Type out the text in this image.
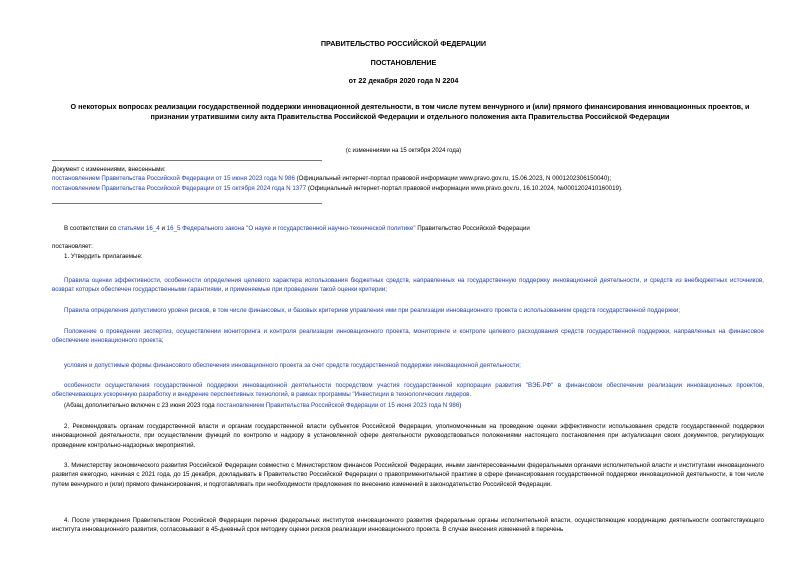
ПРАВИТЕЛЬСТВО РОССИЙСКОЙ ФЕДЕРАЦИИ
ПОСТАНОВЛЕНИЕ
от 22 декабря 2020 года N 2204
О некоторых вопросах реализации государственной поддержки инновационной деятельности, в том числе путем венчурного и (или) прямого финансирования инновационных проектов, и признании утратившими силу акта Правительства Российской Федерации и отдельного положения акта Правительства Российской Федерации
(с изменениями на 15 октября 2024 года)

Документ с изменениями, внесенными:

постановлением Правительства Российской Федерации от 15 июня 2023 года N 986 (Официальный интернет-портал правовой информации www.pravo.gov.ru, 15.06.2023, N 0001202306150040);

постановлением Правительства Российской Федерации от 15 октября 2024 года N 1377 (Официальный интернет-портал правовой информации www.pravo.gov.ru, 16.10.2024, №0001202410160019).

В соответствии со статьями 16_4 и 16_5 Федерального закона "О науке и государственной научно-технической политике" Правительство Российской Федерации
постановляет:
1. Утвердить прилагаемые:
Правила оценки эффективности, особенности определения целевого характера использования бюджетных средств, направленных на государственную поддержку инновационной деятельности, и средств из внебюджетных источников, возврат которых обеспечен государственными гарантиями, и применяемые при проведении такой оценки критерии;
Правила определения допустимого уровня рисков, в том числе финансовых, и базовых критериев управления ими при реализации инновационного проекта с использованием средств государственной поддержки;
Положение о проведении экспертиз, осуществлении мониторинга и контроля реализации инновационного проекта, мониторинге и контроле целевого расходования средств государственной поддержки, направленных на финансовое обеспечение инновационного проекта;
условия и допустимые формы финансового обеспечения инновационного проекта за счет средств государственной поддержки инновационной деятельности;
особенности осуществления государственной поддержки инновационной деятельности посредством участия государственной корпорации развития "ВЭБ.РФ" в финансовом обеспечении реализации инновационных проектов, обеспечивающих ускоренную разработку и внедрение перспективных технологий, в рамках программы "Инвестиции в технологических лидеров.
(Абзац дополнительно включен с 23 июня 2023 года постановлением Правительства Российской Федерации от 15 июня 2023 года N 986)
2. Рекомендовать органам государственной власти и органам государственной власти субъектов Российской Федерации, уполномоченным на проведение оценки эффективности использования средств государственной поддержки инновационной деятельности, при осуществлении функций по контролю и надзору в установленной сфере деятельности руководствоваться положениями настоящего постановления при актуализации своих документов, регулирующих проведение контрольно-надзорных мероприятий.
3. Министерству экономического развития Российской Федерации совместно с Министерством финансов Российской Федерации, иными заинтересованными федеральными органами исполнительной власти и институтами инновационного развития ежегодно, начиная с 2021 года, до 15 декабря, докладывать в Правительство Российской Федерации о правоприменительной практике в сфере финансирования государственной поддержки инновационной деятельности, в том числе путем венчурного и (или) прямого финансирования, и подготавливать при необходимости предложения по внесению изменений в законодательство Российской Федерации.
4. После утверждения Правительством Российской Федерации перечня федеральных институтов инновационного развития федеральные органы исполнительной власти, осуществляющие координацию деятельности соответствующего института инновационного развития, согласовывают в 45-дневный срок методику оценки рисков реализации инновационного проекта. В случае внесения изменений в перечень
